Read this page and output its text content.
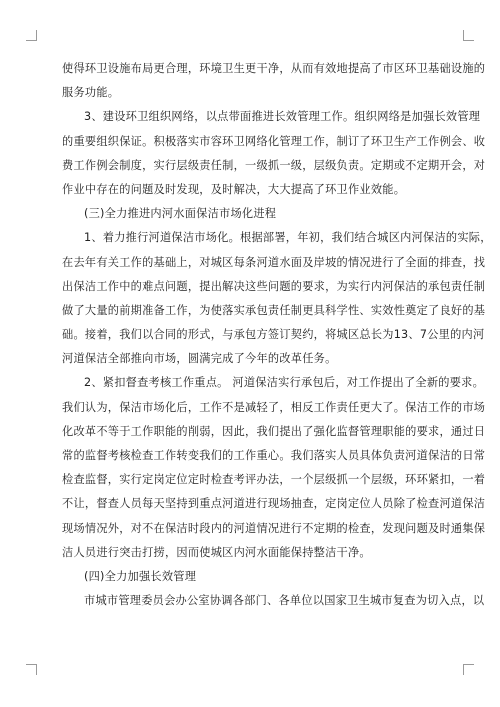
使得环卫设施布局更合理，环境卫生更干净，从而有效地提高了市区环卫基础设施的
服务功能。
3、建设环卫组织网络，以点带面推进长效管理工作。组织网络是加强长效管理
的重要组织保证。积极落实市容环卫网络化管理工作，制订了环卫生产工作例会、收
费工作例会制度，实行层级责任制，一级抓一级，层级负责。定期或不定期开会，对
作业中存在的问题及时发现，及时解决，大大提高了环卫作业效能。
(三)全力推进内河水面保洁市场化进程
1、着力推行河道保洁市场化。根据部署，年初，我们结合城区内河保洁的实际，
在去年有关工作的基础上，对城区每条河道水面及岸坡的情况进行了全面的排查，找
出保洁工作中的难点问题，提出解决这些问题的要求，为实行内河保洁的承包责任制
做了大量的前期准备工作，为使落实承包责任制更具科学性、实效性奠定了良好的基
础。接着，我们以合同的形式，与承包方签订契约，将城区总长为13、7公里的内河
河道保洁全部推向市场，圆满完成了今年的改革任务。
2、紧扣督查考核工作重点。 河道保洁实行承包后，对工作提出了全新的要求。
我们认为，保洁市场化后，工作不是减轻了，相反工作责任更大了。保洁工作的市场
化改革不等于工作职能的削弱，因此，我们提出了强化监督管理职能的要求，通过日
常的监督考核检查工作转变我们的工作重心。我们落实人员具体负责河道保洁的日常
检查监督，实行定岗定位定时检查考评办法，一个层级抓一个层级，环环紧扣，一着
不让，督查人员每天坚持到重点河道进行现场抽查，定岗定位人员除了检查河道保洁
现场情况外，对不在保洁时段内的河道情况进行不定期的检查，发现问题及时通集保
洁人员进行突击打捞，因而使城区内河水面能保持整洁干净。
(四)全力加强长效管理
市城市管理委员会办公室协调各部门、各单位以国家卫生城市复查为切入点，以
